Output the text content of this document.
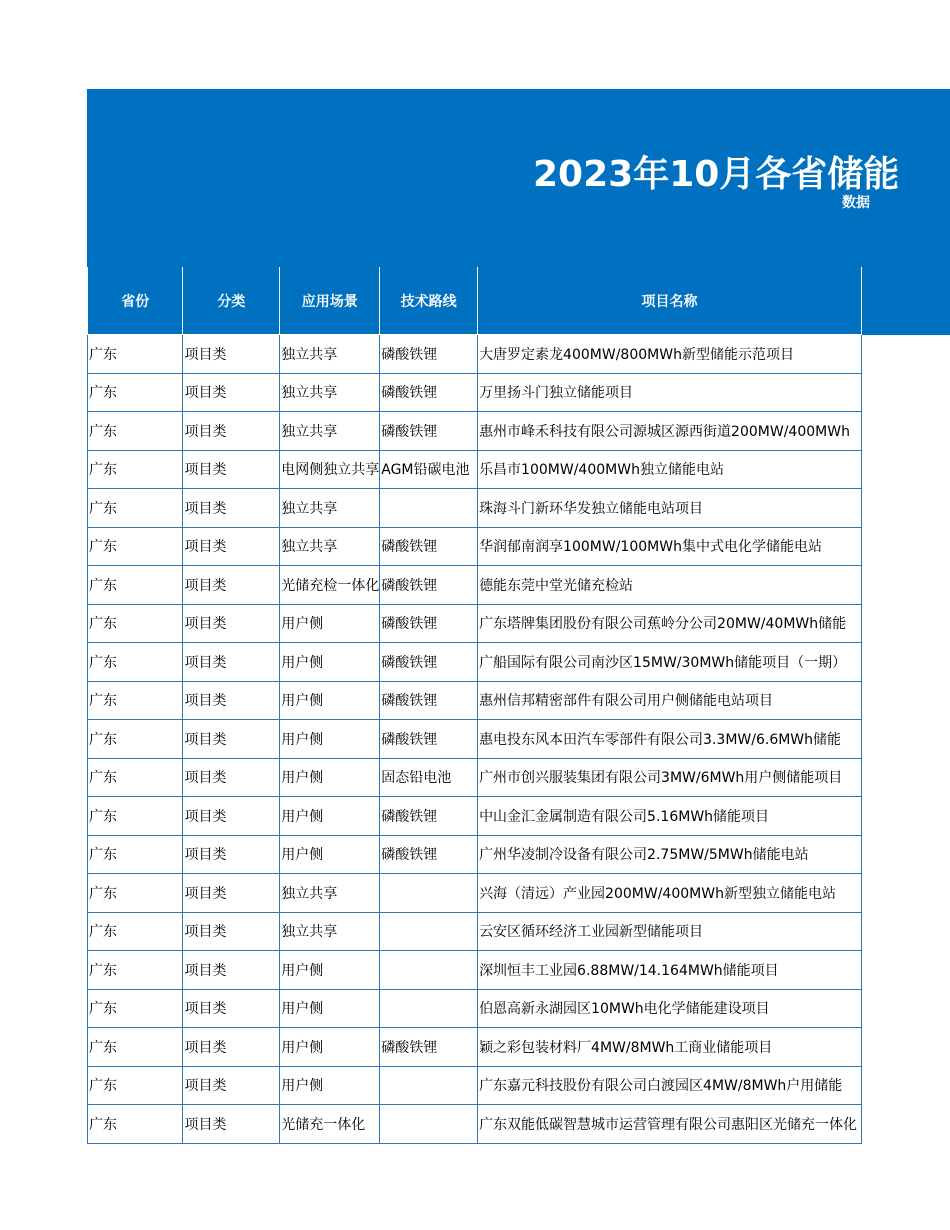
2023年10月各省储能
数据
省份	分类	应用场景	技术路线	项目名称
广东	项目类	独立共享	磷酸铁锂	大唐罗定素龙400MW/800MWh新型储能示范项目
广东	项目类	独立共享	磷酸铁锂	万里扬斗门独立储能项目
广东	项目类	独立共享	磷酸铁锂	惠州市峰禾科技有限公司源城区源西街道200MW/400MWh
广东	项目类	电网侧独立共享	AGM铅碳电池	乐昌市100MW/400MWh独立储能电站
广东	项目类	独立共享		珠海斗门新环华发独立储能电站项目
广东	项目类	独立共享	磷酸铁锂	华润郁南润享100MW/100MWh集中式电化学储能电站
广东	项目类	光储充检一体化	磷酸铁锂	德能东莞中堂光储充检站
广东	项目类	用户侧	磷酸铁锂	广东塔牌集团股份有限公司蕉岭分公司20MW/40MWh储能
广东	项目类	用户侧	磷酸铁锂	广船国际有限公司南沙区15MW/30MWh储能项目（一期）
广东	项目类	用户侧	磷酸铁锂	惠州信邦精密部件有限公司用户侧储能电站项目
广东	项目类	用户侧	磷酸铁锂	惠电投东风本田汽车零部件有限公司3.3MW/6.6MWh储能
广东	项目类	用户侧	固态铅电池	广州市创兴服装集团有限公司3MW/6MWh用户侧储能项目
广东	项目类	用户侧	磷酸铁锂	中山金汇金属制造有限公司5.16MWh储能项目
广东	项目类	用户侧	磷酸铁锂	广州华凌制冷设备有限公司2.75MW/5MWh储能电站
广东	项目类	独立共享		兴海（清远）产业园200MW/400MWh新型独立储能电站
广东	项目类	独立共享		云安区循环经济工业园新型储能项目
广东	项目类	用户侧		深圳恒丰工业园6.88MW/14.164MWh储能项目
广东	项目类	用户侧		伯恩高新永湖园区10MWh电化学储能建设项目
广东	项目类	用户侧	磷酸铁锂	颖之彩包装材料厂4MW/8MWh工商业储能项目
广东	项目类	用户侧		广东嘉元科技股份有限公司白渡园区4MW/8MWh户用储能
广东	项目类	光储充一体化		广东双能低碳智慧城市运营管理有限公司惠阳区光储充一体化
